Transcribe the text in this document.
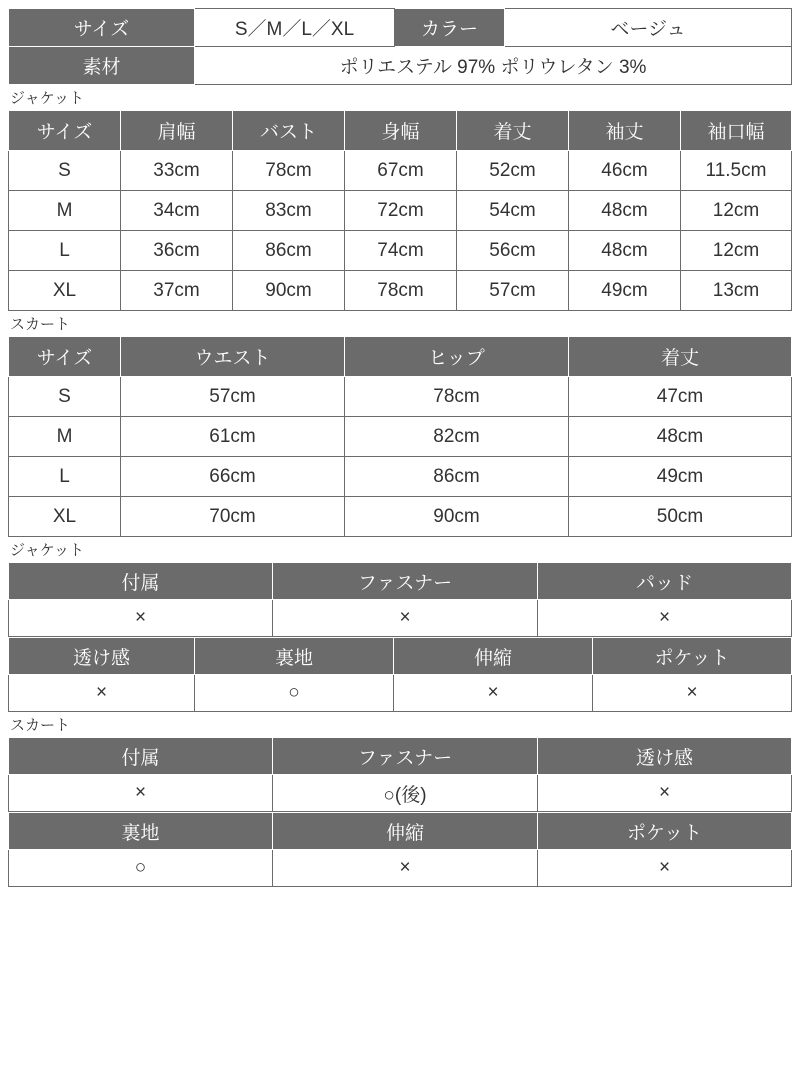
サイズ	S／M／L／XL	カラー	ベージュ
素材	ポリエステル 97% ポリウレタン 3%		
ジャケット
サイズ	肩幅	バスト	身幅	着丈	袖丈	袖口幅
S	33cm	78cm	67cm	52cm	46cm	11.5cm
M	34cm	83cm	72cm	54cm	48cm	12cm
L	36cm	86cm	74cm	56cm	48cm	12cm
XL	37cm	90cm	78cm	57cm	49cm	13cm
スカート
サイズ	ウエスト	ヒップ	着丈
S	57cm	78cm	47cm
M	61cm	82cm	48cm
L	66cm	86cm	49cm
XL	70cm	90cm	50cm
ジャケット
付属	ファスナー	パッド
×	×	×
透け感	裏地	伸縮	ポケット
×	○	×	×
スカート
付属	ファスナー	透け感
×	○(後)	×
裏地	伸縮	ポケット
○	×	×
